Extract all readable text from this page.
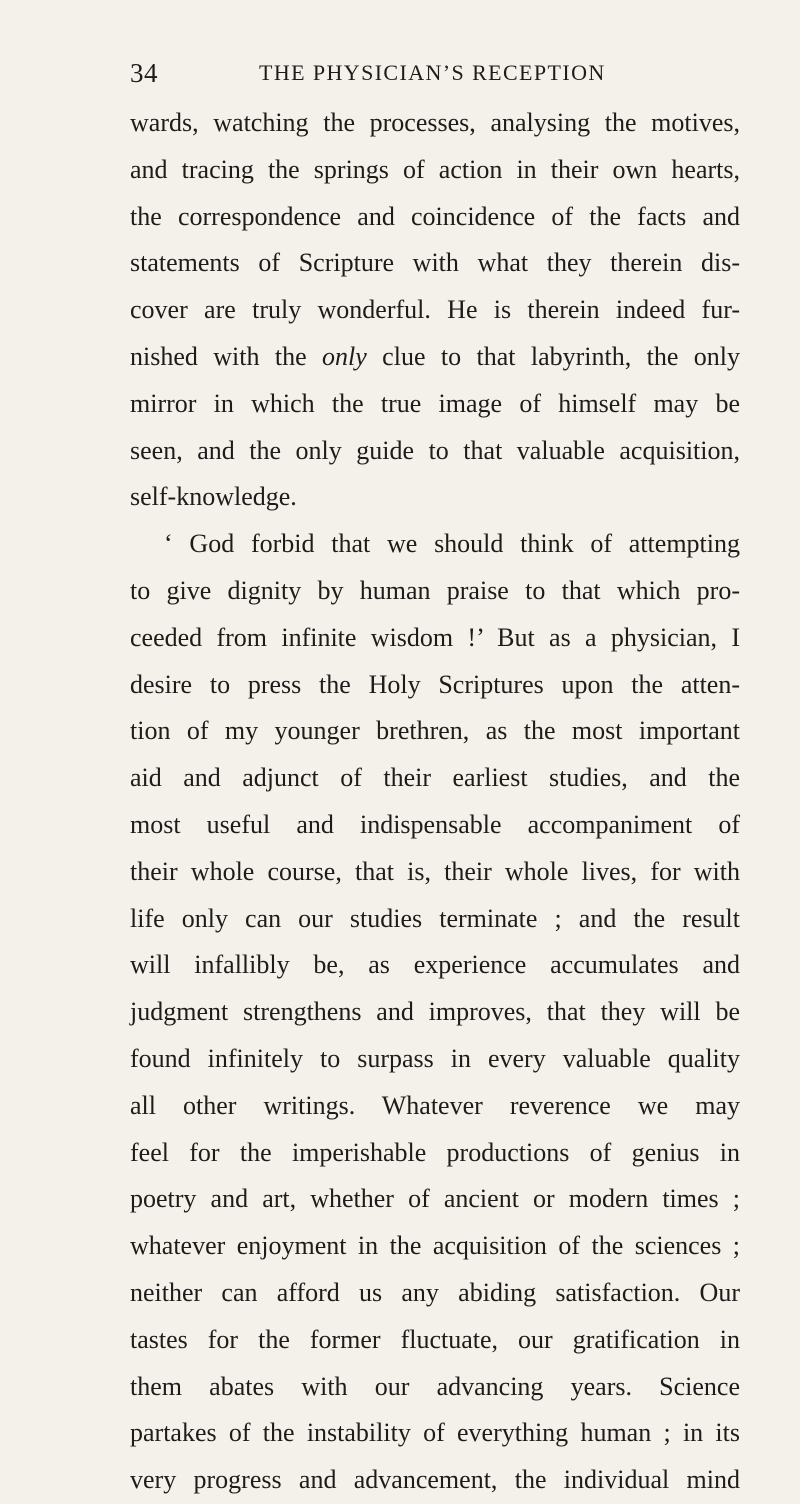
34	THE PHYSICIAN’S RECEPTION
wards, watching the processes, analysing the motives,
and tracing the springs of action in their own hearts,
the correspondence and coincidence of the facts and
statements of Scripture with what they therein dis-
cover are truly wonderful. He is therein indeed fur-
nished with the only clue to that labyrinth, the only
mirror in which the true image of himself may be
seen, and the only guide to that valuable acquisition,
self-knowledge.
‘ God forbid that we should think of attempting
to give dignity by human praise to that which pro-
ceeded from infinite wisdom !’ But as a physician, I
desire to press the Holy Scriptures upon the atten-
tion of my younger brethren, as the most important
aid and adjunct of their earliest studies, and the
most useful and indispensable accompaniment of
their whole course, that is, their whole lives, for with
life only can our studies terminate ; and the result
will infallibly be, as experience accumulates and
judgment strengthens and improves, that they will be
found infinitely to surpass in every valuable quality
all other writings. Whatever reverence we may
feel for the imperishable productions of genius in
poetry and art, whether of ancient or modern times ;
whatever enjoyment in the acquisition of the sciences ;
neither can afford us any abiding satisfaction. Our
tastes for the former fluctuate, our gratification in
them abates with our advancing years. Science
partakes of the instability of everything human ; in its
very progress and advancement, the individual mind
